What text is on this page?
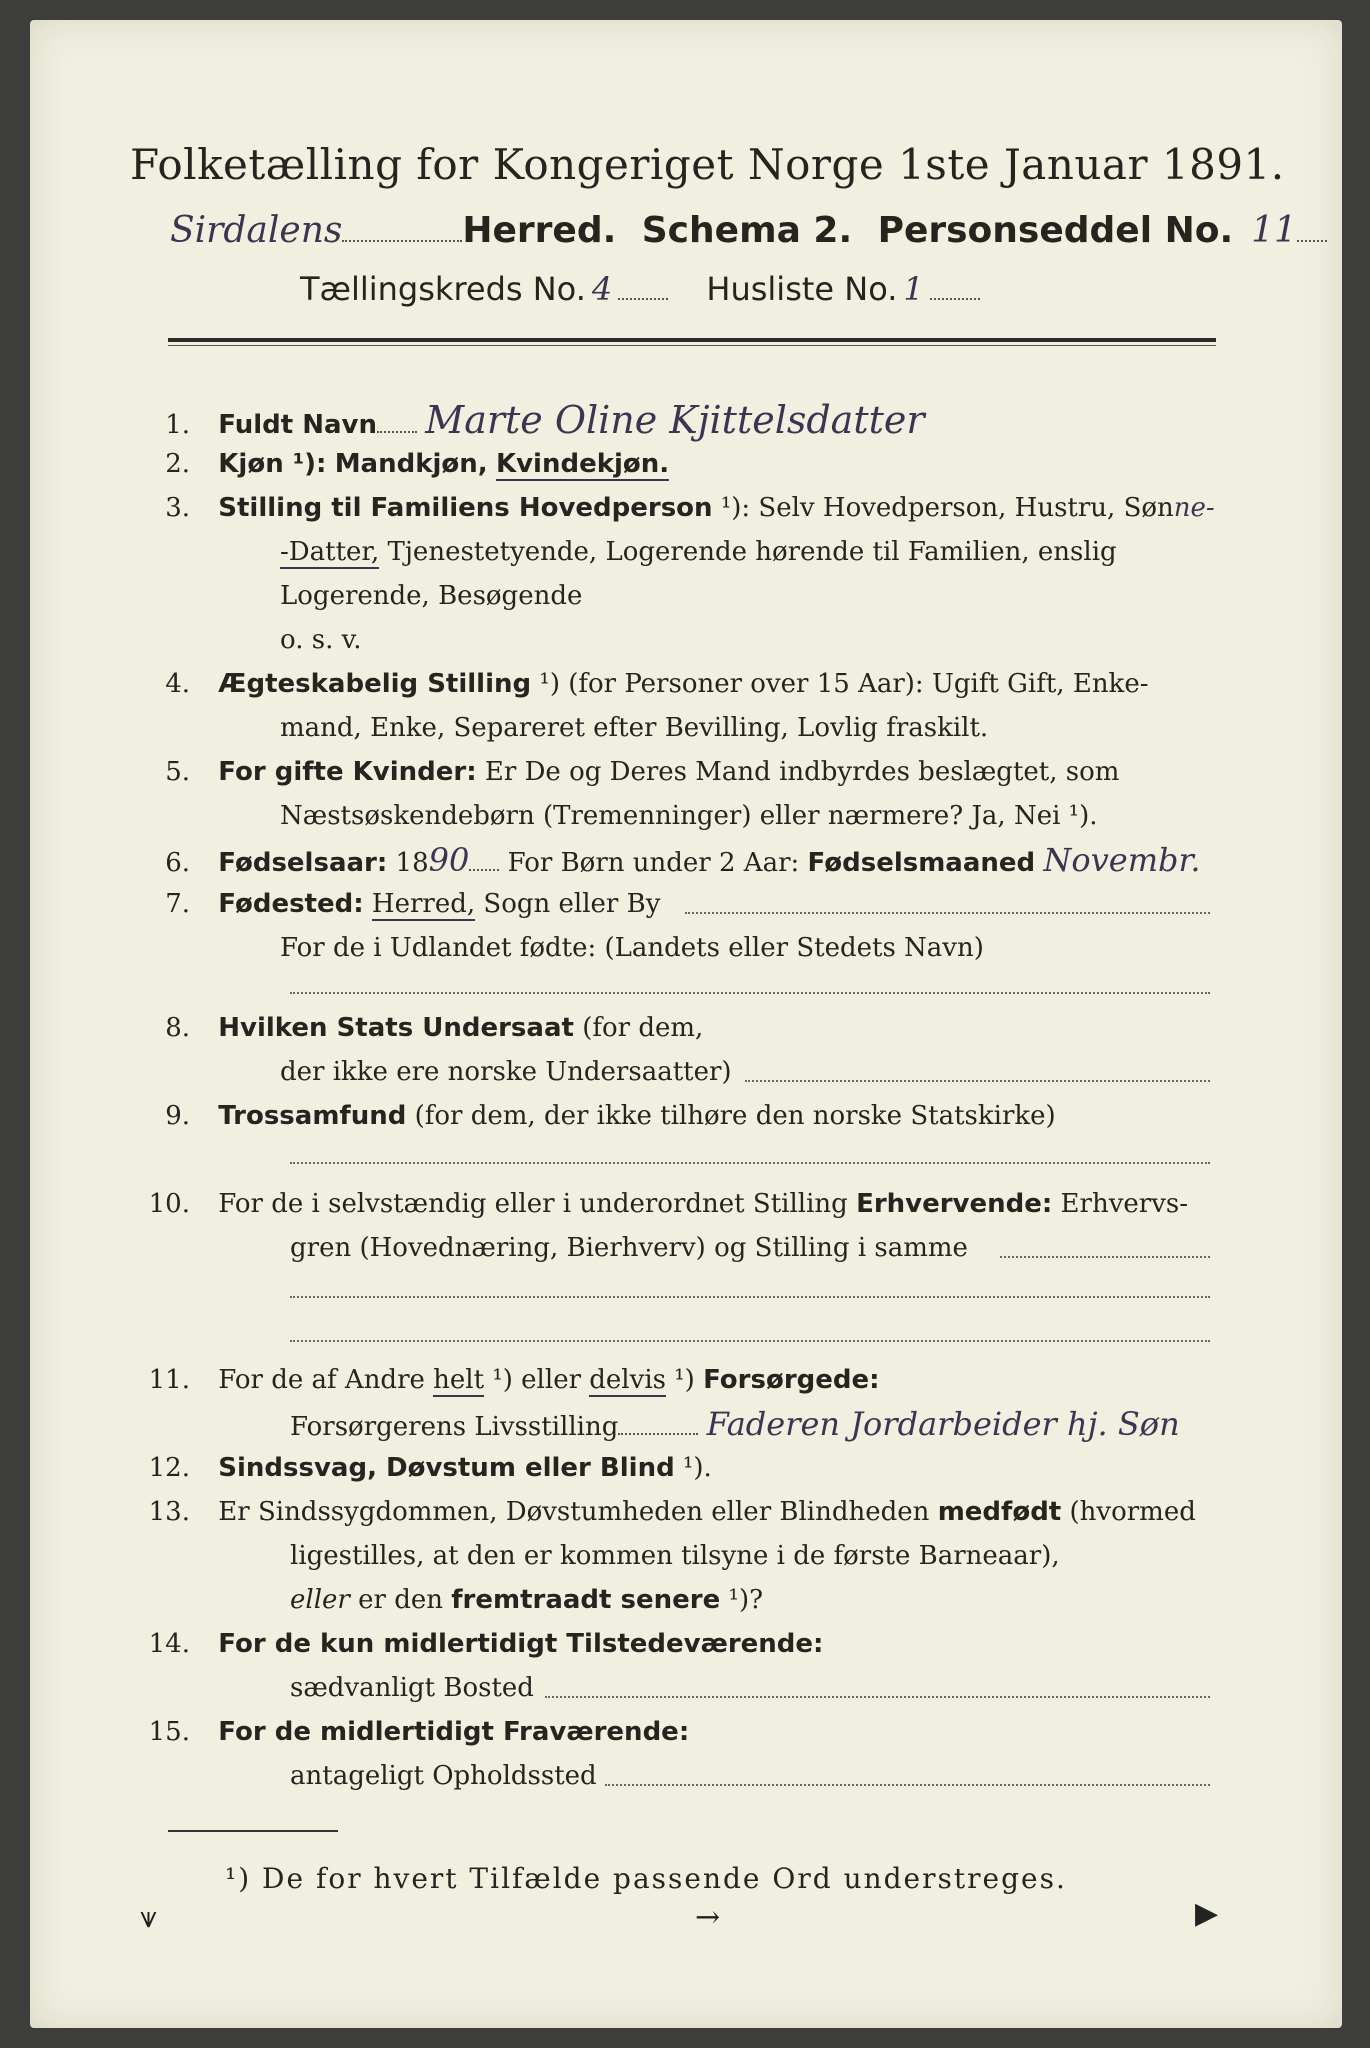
Folketælling for Kongeriget Norge 1ste Januar 1891.
Sirdalens	Herred. Schema 2. Personseddel No. 11
Tællingskreds No. 4	Husliste No. 1
1. Fuldt Navn Marte Oline Kjittelsdatter
2. Kjøn ¹): Mandkjøn, Kvindekjøn.
3. Stilling til Familiens Hovedperson ¹): Selv Hovedperson, Hustru, Sønne-
-Datter, Tjenestetyende, Logerende hørende til Familien, enslig
Logerende, Besøgende
o. s. v.
4. Ægteskabelig Stilling ¹) (for Personer over 15 Aar): Ugift Gift, Enke-
mand, Enke, Separeret efter Bevilling, Lovlig fraskilt.
5. For gifte Kvinder: Er De og Deres Mand indbyrdes beslægtet, som
Næstsøskendebørn (Tremenninger) eller nærmere? Ja, Nei ¹).
6. Fødselsaar: 1890 For Børn under 2 Aar: Fødselsmaaned Novembr.
7. Fødested: Herred, Sogn eller By
For de i Udlandet fødte: (Landets eller Stedets Navn)
8. Hvilken Stats Undersaat (for dem,
der ikke ere norske Undersaatter)
9. Trossamfund (for dem, der ikke tilhøre den norske Statskirke)
10. For de i selvstændig eller i underordnet Stilling Erhvervende: Erhvervs-
gren (Hovednæring, Bierhverv) og Stilling i samme
11. For de af Andre helt ¹) eller delvis ¹) Forsørgede:
Forsørgerens Livsstilling	Faderen Jordarbeider hj. Søn
12. Sindssvag, Døvstum eller Blind ¹).
13. Er Sindssygdommen, Døvstumheden eller Blindheden medfødt (hvormed
ligestilles, at den er kommen tilsyne i de første Barneaar),
eller er den fremtraadt senere ¹)?
14. For de kun midlertidigt Tilstedeværende:
sædvanligt Bosted
15. For de midlertidigt Fraværende:
antageligt Opholdssted
¹) De for hvert Tilfælde passende Ord understreges.
⩛	→	▶
